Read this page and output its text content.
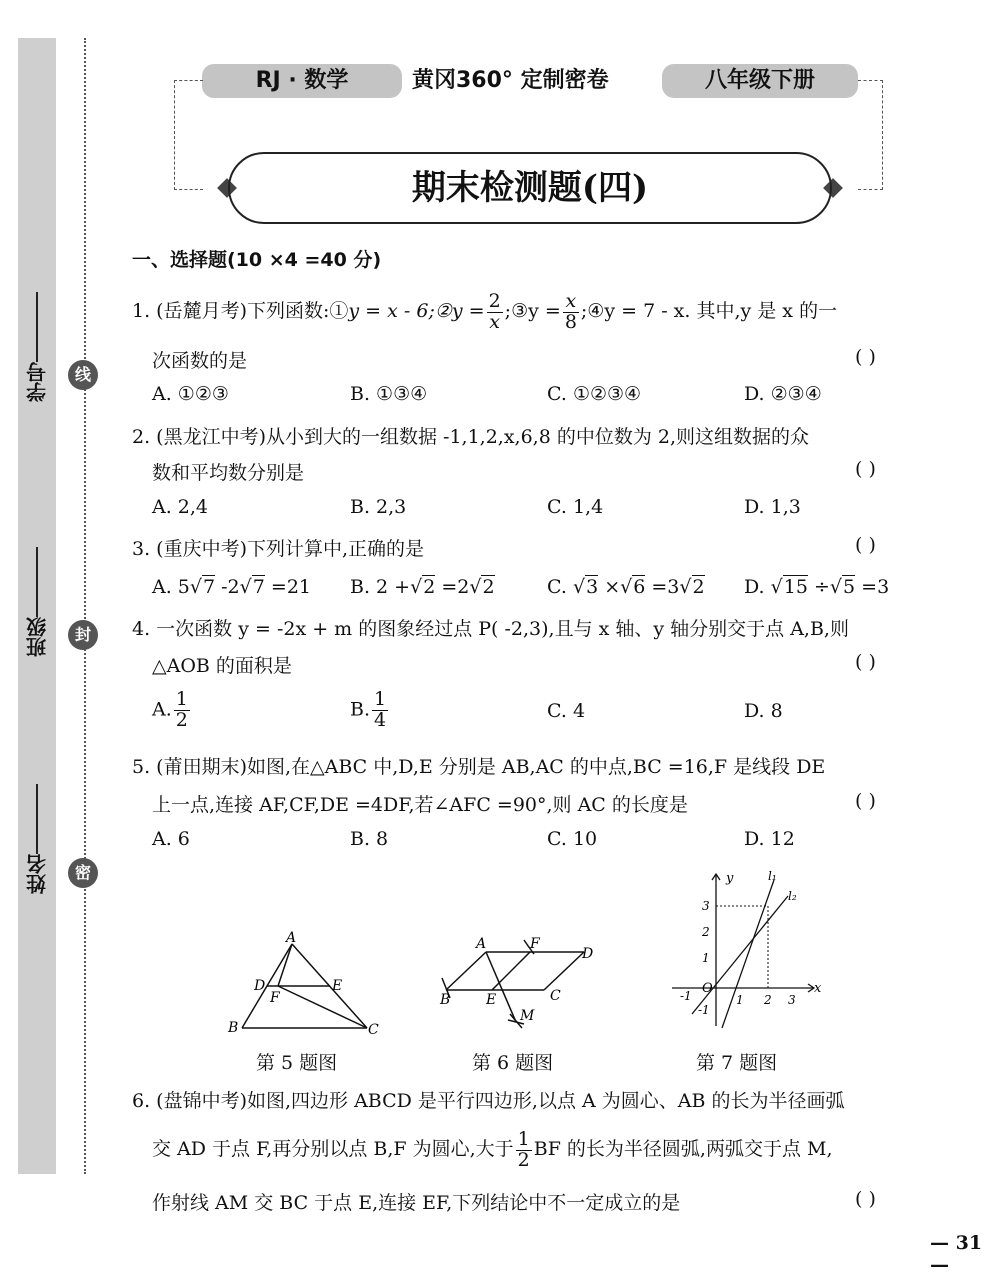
学号
班级
姓名
线
封
密
RJ · 数学	黄冈360° 定制密卷	八年级下册
期末检测题(四)
一、选择题(10 ×4 =40 分)
1. (岳麓月考)下列函数:①y = x - 6;②y = $\frac{2}{x}$ ;③y = $\frac{x}{8}$ ;④y = 7 - x. 其中,y 是 x 的一
次函数的是	( )
A. ①②③	B. ①③④	C. ①②③④	D. ②③④
2. (黑龙江中考)从小到大的一组数据 -1,1,2,x,6,8 的中位数为 2,则这组数据的众
数和平均数分别是	( )
A. 2,4	B. 2,3	C. 1,4	D. 1,3
3. (重庆中考)下列计算中,正确的是	( )
A. 5√7 -2√7 =21 B. 2 +√2 =2√2	C. √3 ×√6 =3√2 D. √15 ÷√5 =3
4. 一次函数 y = -2x + m 的图象经过点 P( -2,3),且与 x 轴、y 轴分别交于点 A,B,则
△AOB 的面积是	( )
A. $\frac{1}{2}$	B. $\frac{1}{4}$	C. 4	D. 8
5. (莆田期末)如图,在△ABC 中,D,E 分别是 AB,AC 的中点,BC =16,F 是线段 DE
上一点,连接 AF,CF,DE =4DF,若∠AFC =90°,则 AC 的长度是	( )
A. 6	B. 8	C. 10	D. 12
A
D	E
F
B	C
第 5 题图
A	F
D
B	E	C
M
第 6 题图
y
x
O
l₁
l₂
-1	1 2 3
3
2
1
-1
第 7 题图
6. (盘锦中考)如图,四边形 ABCD 是平行四边形,以点 A 为圆心、AB 的长为半径画弧
交 AD 于点 F,再分别以点 B,F 为圆心,大于 $\frac{1}{2}$ BF 的长为半径圆弧,两弧交于点 M,
作射线 AM 交 BC 于点 E,连接 EF,下列结论中不一定成立的是	( )
— 31 —
